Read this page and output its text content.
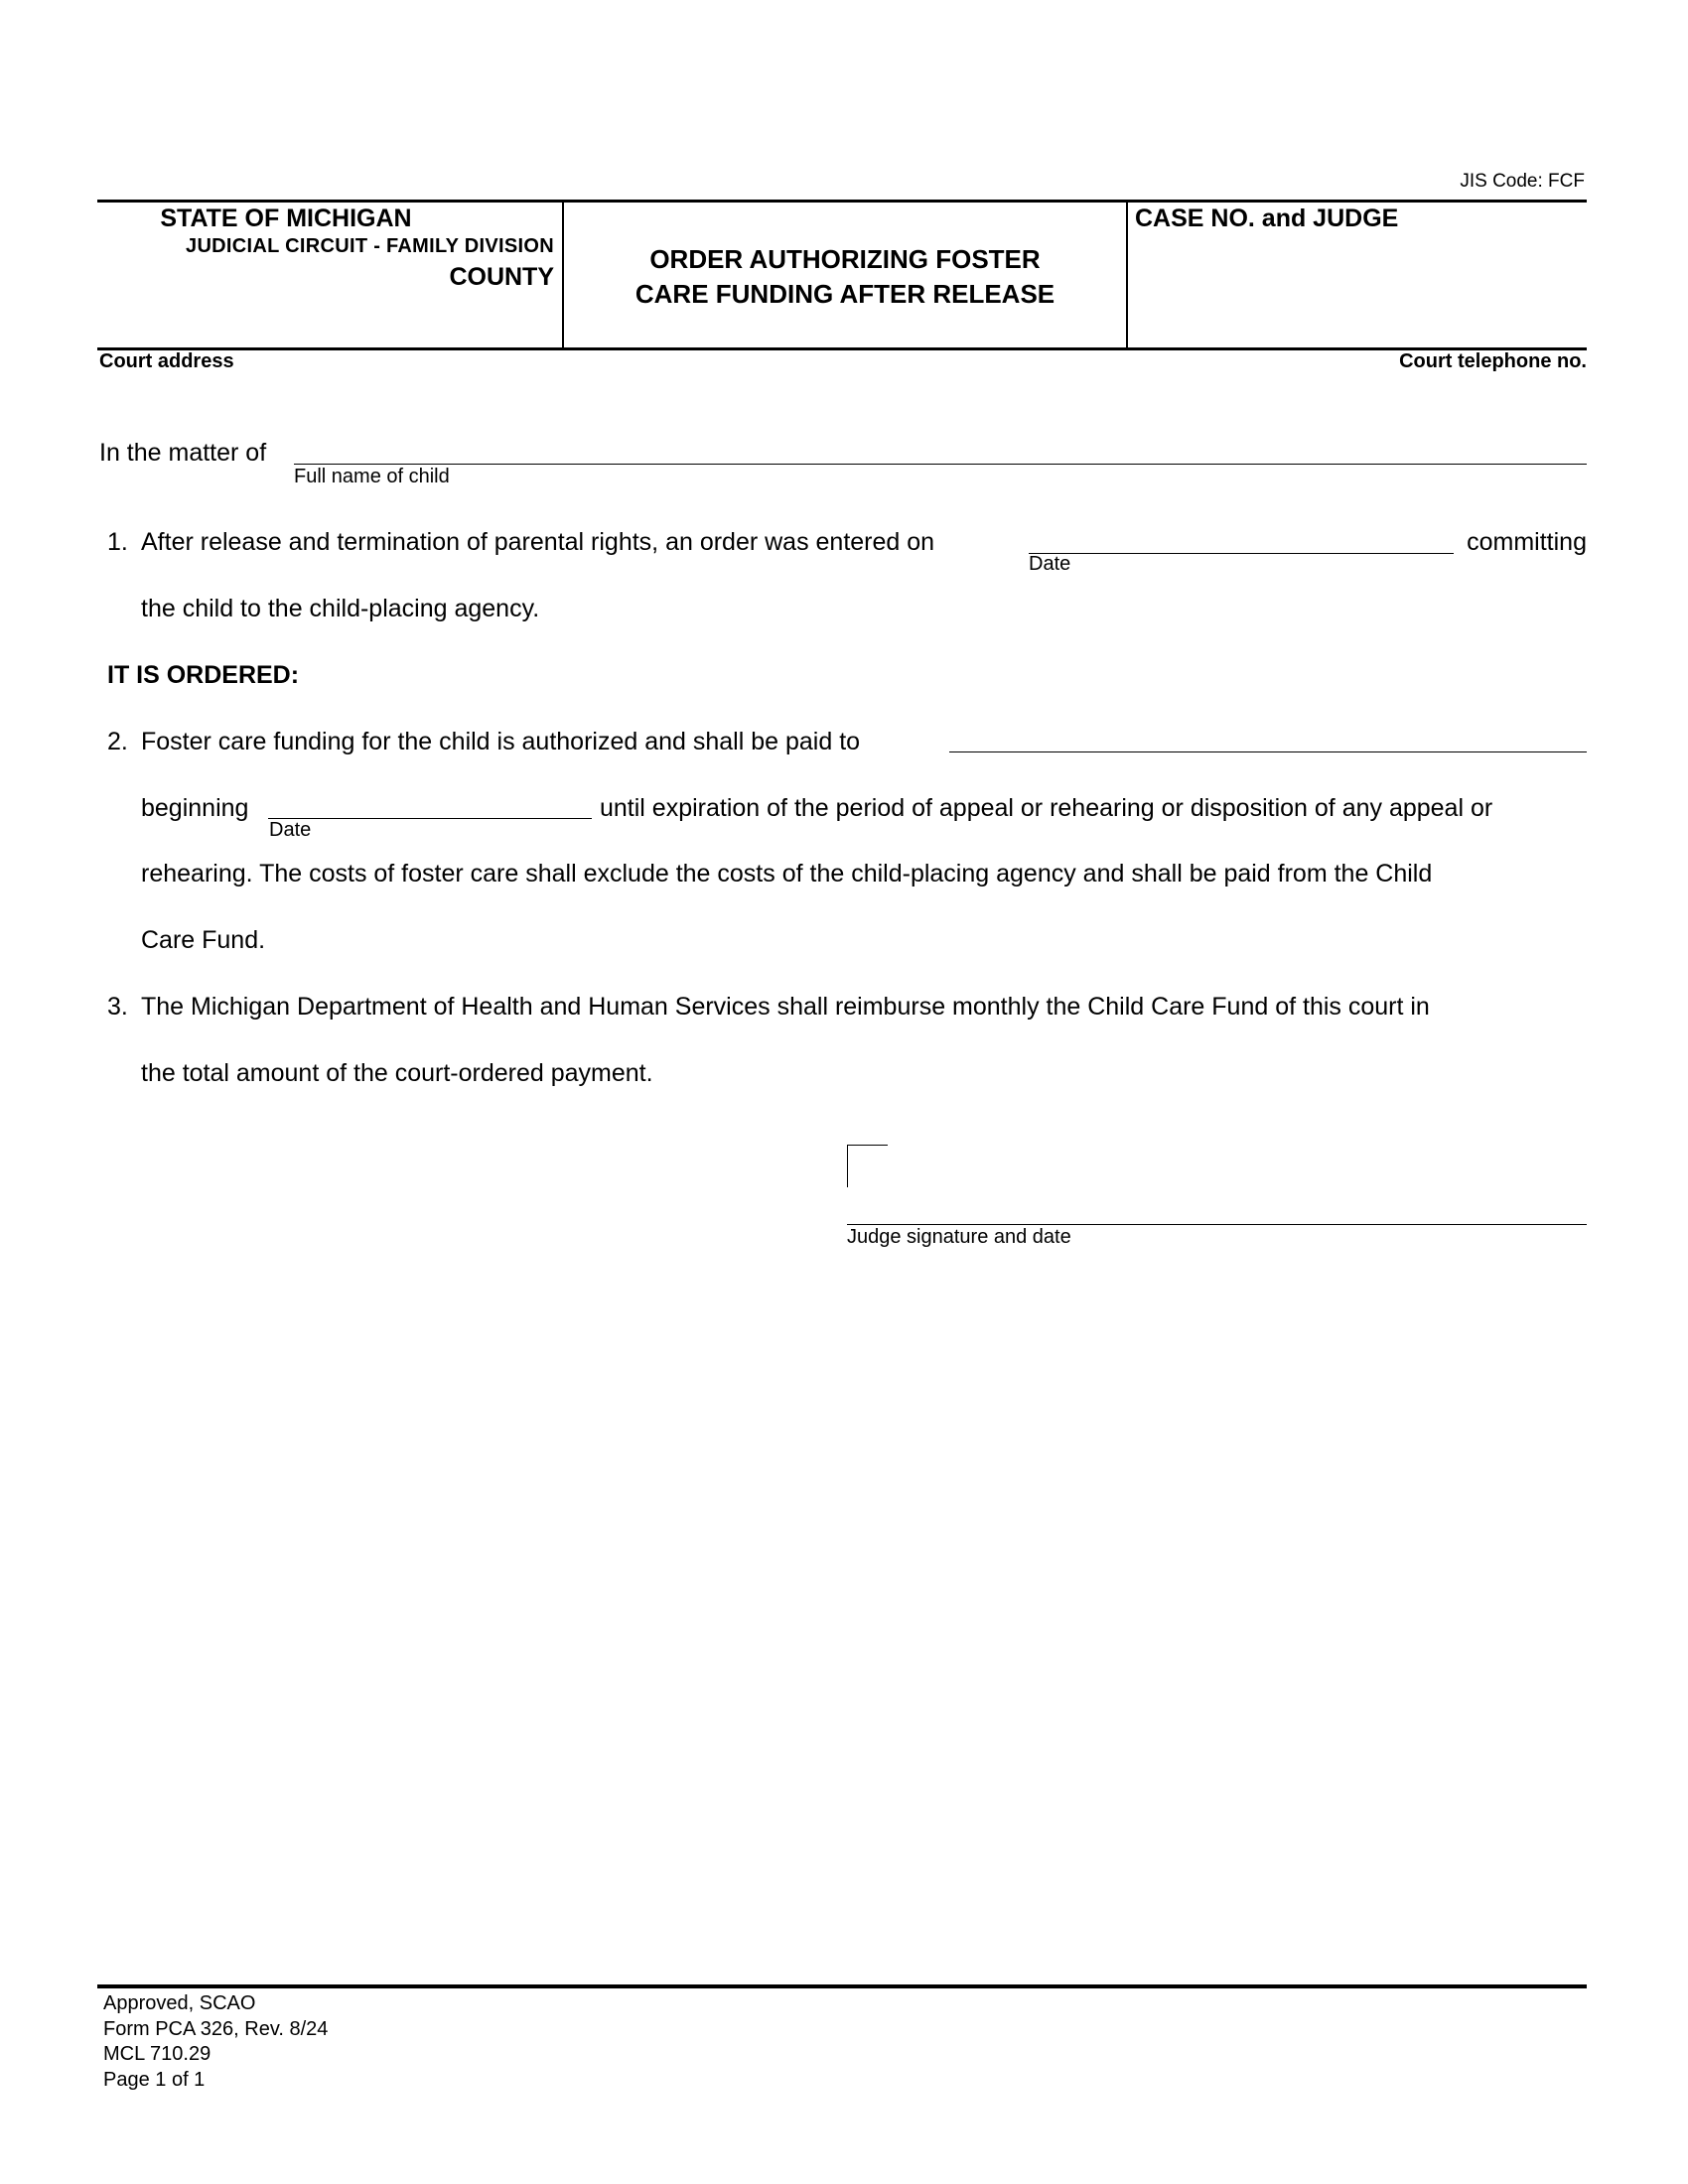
JIS Code: FCF
STATE OF MICHIGAN
JUDICIAL CIRCUIT - FAMILY DIVISION
COUNTY
ORDER AUTHORIZING FOSTER
CARE FUNDING AFTER RELEASE
CASE NO. and JUDGE
Court address	Court telephone no.
In the matter of
Full name of child
1. After release and termination of parental rights, an order was entered on
Date
committing
the child to the child-placing agency.
IT IS ORDERED:
2. Foster care funding for the child is authorized and shall be paid to
beginning
Date
until expiration of the period of appeal or rehearing or disposition of any appeal or
rehearing. The costs of foster care shall exclude the costs of the child-placing agency and shall be paid from the Child
Care Fund.
3. The Michigan Department of Health and Human Services shall reimburse monthly the Child Care Fund of this court in
the total amount of the court-ordered payment.
Judge signature and date
Approved, SCAO
Form PCA 326, Rev. 8/24
MCL 710.29
Page 1 of 1
